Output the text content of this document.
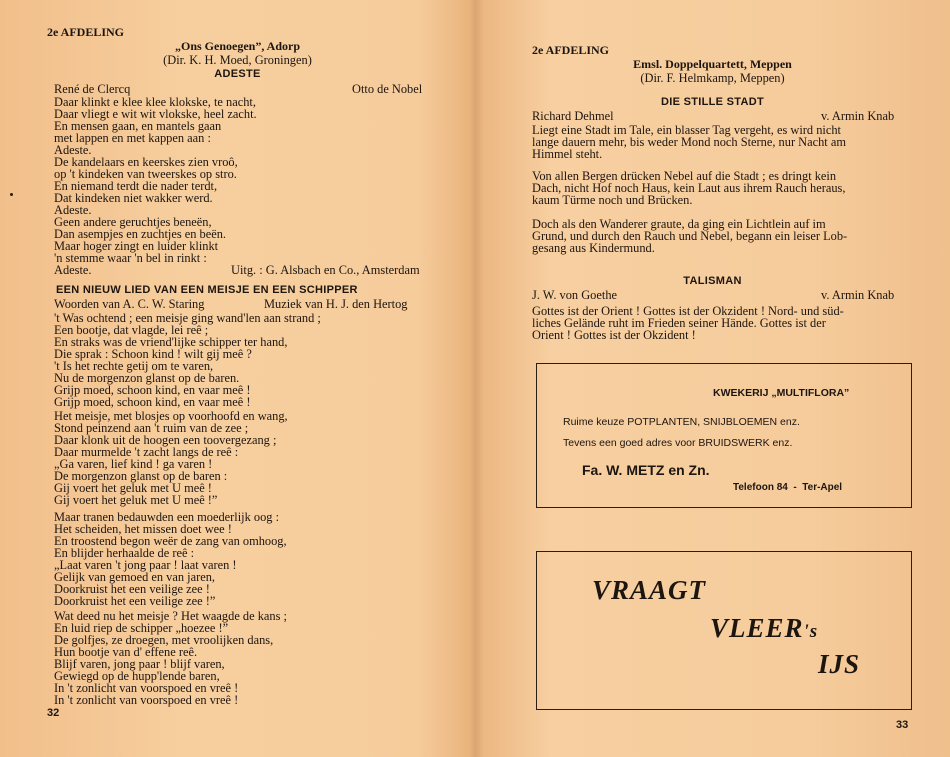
2e AFDELING
„Ons Genoegen”, Adorp
(Dir. K. H. Moed, Groningen)
ADESTE
René de Clercq	Otto de Nobel
Daar klinkt e klee klee klokske, te nacht,
Daar vliegt e wit wit vlokske, heel zacht.
En mensen gaan, en mantels gaan
met lappen en met kappen aan :
Adeste.
De kandelaars en keerskes zien vroô,
op 't kindeken van tweerskes op stro.
En niemand terdt die nader terdt,
Dat kindeken niet wakker werd.
Adeste.
Geen andere geruchtjes beneën,
Dan asempjes en zuchtjes en beën.
Maar hoger zingt en luider klinkt
'n stemme waar 'n bel in rinkt :
Adeste.	Uitg. : G. Alsbach en Co., Amsterdam
EEN NIEUW LIED VAN EEN MEISJE EN EEN SCHIPPER
Woorden van A. C. W. Staring	Muziek van H. J. den Hertog
't Was ochtend ; een meisje ging wand'len aan strand ;
Een bootje, dat vlagde, lei reê ;
En straks was de vriend'lijke schipper ter hand,
Die sprak : Schoon kind ! wilt gij meê ?
't Is het rechte getij om te varen,
Nu de morgenzon glanst op de baren.
Grijp moed, schoon kind, en vaar meê !
Grijp moed, schoon kind, en vaar meê !
Het meisje, met blosjes op voorhoofd en wang,
Stond peinzend aan 't ruim van de zee ;
Daar klonk uit de hoogen een toovergezang ;
Daar murmelde 't zacht langs de reê :
„Ga varen, lief kind ! ga varen !
De morgenzon glanst op de baren :
Gij voert het geluk met U meê !
Gij voert het geluk met U meê !”
Maar tranen bedauwden een moederlijk oog :
Het scheiden, het missen doet wee !
En troostend begon weër de zang van omhoog,
En blijder herhaalde de reê :
„Laat varen 't jong paar ! laat varen !
Gelijk van gemoed en van jaren,
Doorkruist het een veilige zee !
Doorkruist het een veilige zee !”
Wat deed nu het meisje ? Het waagde de kans ;
En luid riep de schipper „hoezee !”
De golfjes, ze droegen, met vroolijken dans,
Hun bootje van d' effene reê.
Blijf varen, jong paar ! blijf varen,
Gewiegd op de hupp'lende baren,
In 't zonlicht van voorspoed en vreê !
In 't zonlicht van voorspoed en vreê !
32
2e AFDELING
Emsl. Doppelquartett, Meppen
(Dir. F. Helmkamp, Meppen)
DIE STILLE STADT
Richard Dehmel	v. Armin Knab
Liegt eine Stadt im Tale, ein blasser Tag vergeht, es wird nicht
lange dauern mehr, bis weder Mond noch Sterne, nur Nacht am
Himmel steht.
Von allen Bergen drücken Nebel auf die Stadt ; es dringt kein
Dach, nicht Hof noch Haus, kein Laut aus ihrem Rauch heraus,
kaum Türme noch und Brücken.
Doch als den Wanderer graute, da ging ein Lichtlein auf im
Grund, und durch den Rauch und Nebel, begann ein leiser Lob-
gesang aus Kindermund.
TALISMAN
J. W. von Goethe	v. Armin Knab
Gottes ist der Orient ! Gottes ist der Okzident ! Nord- und süd-
liches Gelände ruht im Frieden seiner Hände. Gottes ist der
Orient ! Gottes ist der Okzident !
KWEKERIJ „MULTIFLORA”
Ruime keuze POTPLANTEN, SNIJBLOEMEN enz.
Tevens een goed adres voor BRUIDSWERK enz.
Fa. W. METZ en Zn.
Telefoon 84  -  Ter-Apel
VRAAGT
VLEER's
IJS
33
